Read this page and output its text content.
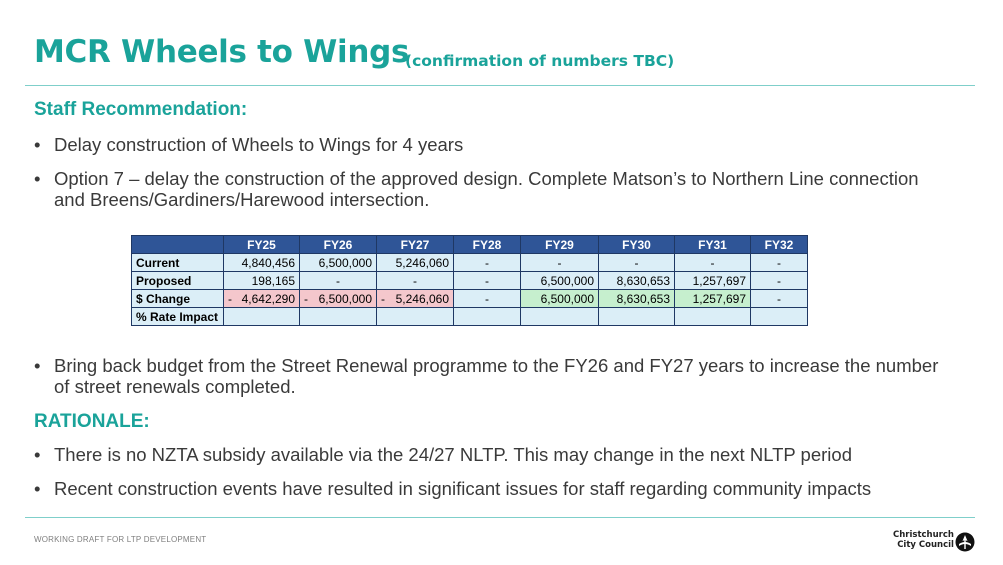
MCR Wheels to Wings
(confirmation of numbers TBC)
Staff Recommendation:
• Delay construction of Wheels to Wings for 4 years
• Option 7 – delay the construction of the approved design. Complete Matson’s to Northern Line connection and Breens/Gardiners/Harewood intersection.
	FY25	FY26	FY27	FY28	FY29	FY30	FY31	FY32
Current	4,840,456	6,500,000	5,246,060	-	-	-	-	-
Proposed	198,165	-	-	-	6,500,000	8,630,653	1,257,697	-
$ Change	- 4,642,290	- 6,500,000	- 5,246,060	-	6,500,000	8,630,653	1,257,697	-
% Rate Impact								
• Bring back budget from the Street Renewal programme to the FY26 and FY27 years to increase the number of street renewals completed.
RATIONALE:
• There is no NZTA subsidy available via the 24/27 NLTP. This may change in the next NLTP period
• Recent construction events have resulted in significant issues for staff regarding community impacts
WORKING DRAFT FOR LTP DEVELOPMENT	Christchurch
City Council
